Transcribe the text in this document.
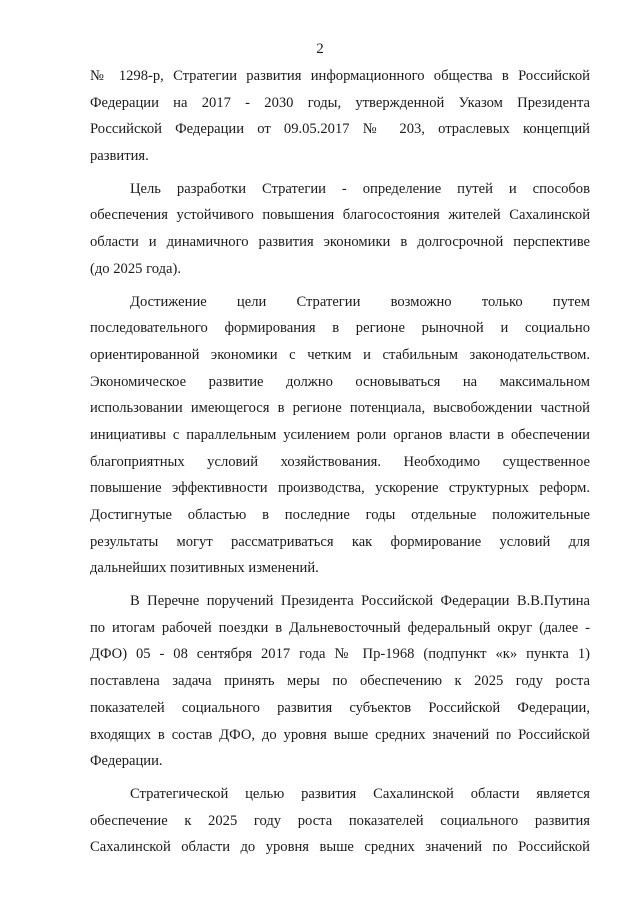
2
№ 1298-р, Стратегии развития информационного общества в Российской
Федерации на 2017 - 2030 годы, утвержденной Указом Президента
Российской Федерации от 09.05.2017 № 203, отраслевых концепций
развития.
Цель разработки Стратегии - определение путей и способов
обеспечения устойчивого повышения благосостояния жителей Сахалинской
области и динамичного развития экономики в долгосрочной перспективе
(до 2025 года).
Достижение цели Стратегии возможно только путем
последовательного формирования в регионе рыночной и социально
ориентированной экономики с четким и стабильным законодательством.
Экономическое развитие должно основываться на максимальном
использовании имеющегося в регионе потенциала, высвобождении частной
инициативы с параллельным усилением роли органов власти в обеспечении
благоприятных условий хозяйствования. Необходимо существенное
повышение эффективности производства, ускорение структурных реформ.
Достигнутые областью в последние годы отдельные положительные
результаты могут рассматриваться как формирование условий для
дальнейших позитивных изменений.
В Перечне поручений Президента Российской Федерации В.В.Путина
по итогам рабочей поездки в Дальневосточный федеральный округ (далее -
ДФО) 05 - 08 сентября 2017 года № Пр-1968 (подпункт «к» пункта 1)
поставлена задача принять меры по обеспечению к 2025 году роста
показателей социального развития субъектов Российской Федерации,
входящих в состав ДФО, до уровня выше средних значений по Российской
Федерации.
Стратегической целью развития Сахалинской области является
обеспечение к 2025 году роста показателей социального развития
Сахалинской области до уровня выше средних значений по Российской
